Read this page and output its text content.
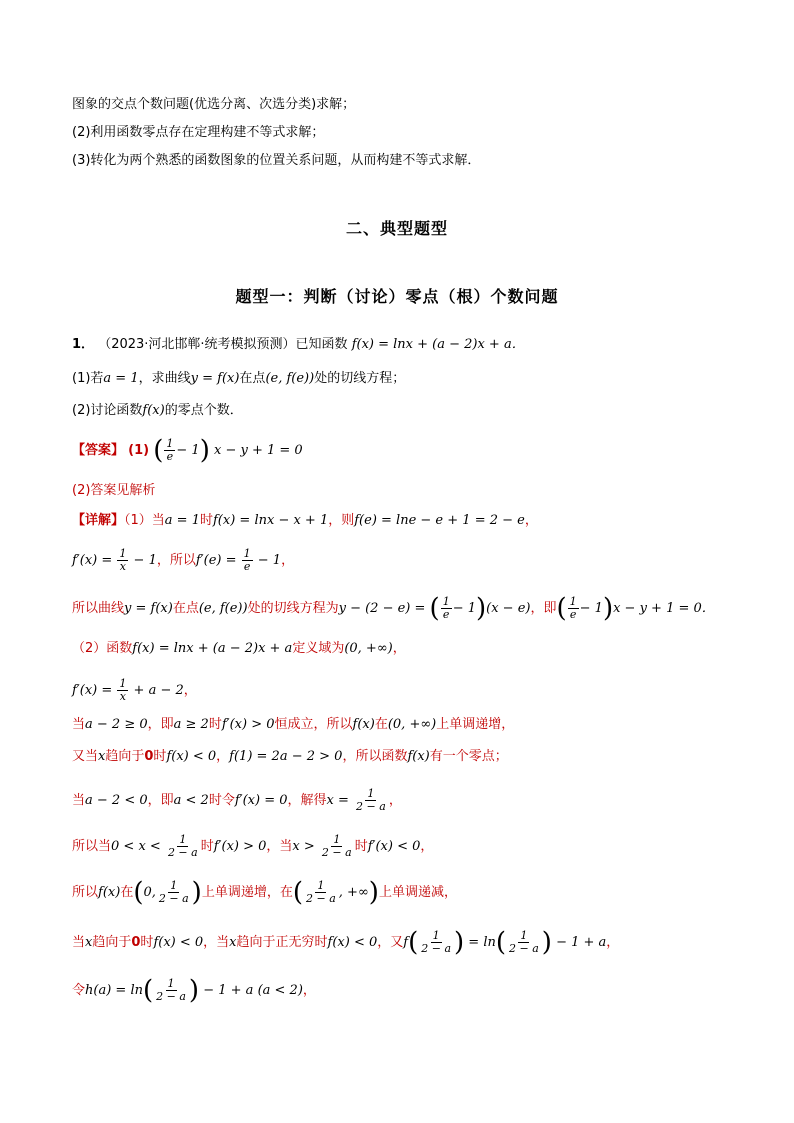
图象的交点个数问题(优选分离、次选分类)求解；
(2)利用函数零点存在定理构建不等式求解；
(3)转化为两个熟悉的函数图象的位置关系问题，从而构建不等式求解．
二、典型题型
题型一：判断（讨论）零点（根）个数问题
1． （2023·河北邯郸·统考模拟预测）已知函数 f(x) = lnx + (a − 2)x + a．
(1)若a = 1，求曲线y = f(x)在点(e, f(e))处的切线方程；
(2)讨论函数f(x)的零点个数．
【答案】 (1) ( $\frac{1}{e} - 1$) x − y + 1 = 0
(2)答案见解析
【详解】（1）当a = 1时f(x) = lnx − x + 1，则f(e) = lne − e + 1 = 2 − e，
$f'(x) = \frac{1}{x} - 1$，所以$f'(e) = \frac{1}{e} - 1$，
所以曲线y = f(x)在点(e, f(e))处的切线方程为y − (2 − e) = ( $\frac{1}{e} - 1)(x - e)$，即( $\frac{1}{e} - 1)x - y + 1 = 0$．
（2）函数f(x) = lnx + (a − 2)x + a定义域为(0, +∞)，
$f'(x) = \frac{1}{x} + a - 2$，
当a − 2 ≥ 0，即a ≥ 2时f′(x) > 0恒成立，所以f(x)在(0, +∞)上单调递增，
又当x趋向于0时f(x) < 0，f(1) = 2a − 2 > 0，所以函数f(x)有一个零点；
当a − 2 < 0，即a < 2时令f′(x) = 0，解得$x = \frac{1}{2 - a}$ ，
所以当$0 < x < \frac{1}{2 - a}$ 时f′(x) > 0，当$x > \frac{1}{2 - a}$ 时f′(x) < 0，
所以f(x)在(0, $\frac{1}{2 - a}$ )上单调递增，在( $\frac{1}{2 - a}$ , +∞)上单调递减，
当x趋向于0时f(x) < 0，当x趋向于正无穷时f(x) < 0，又$f( \frac{1}{2 - a}$ ) = $\ln( \frac{1}{2 - a}$ ) − 1 + a，
令$h(a) = \ln( \frac{1}{2 - a}$ ) − 1 + a (a < 2)，
